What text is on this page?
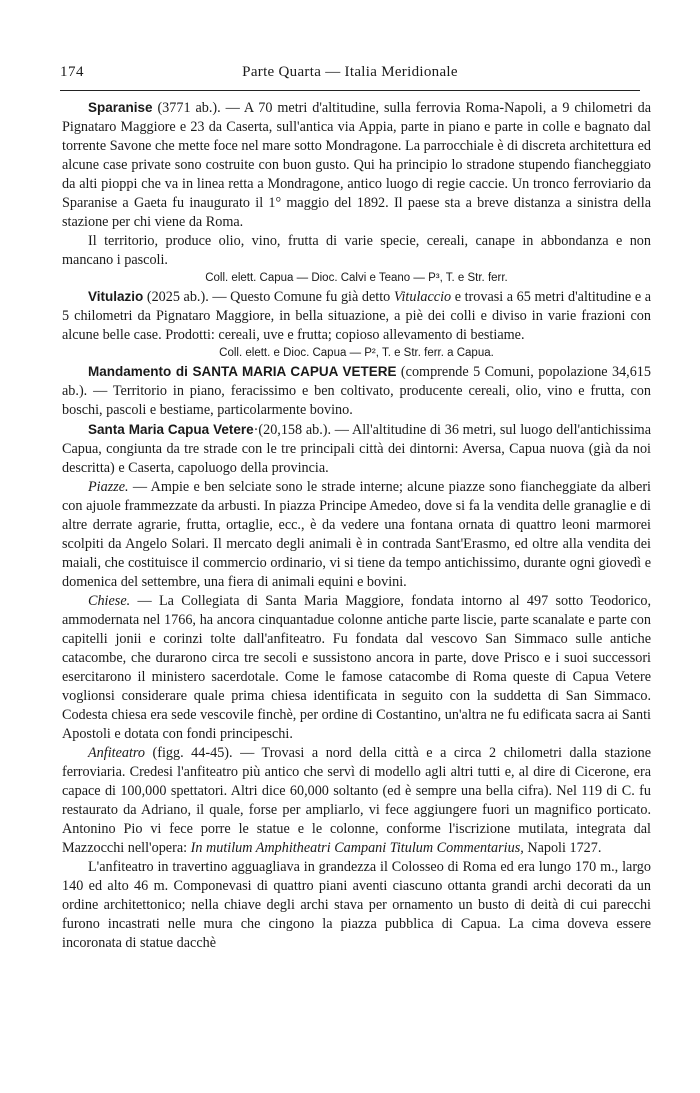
174	Parte Quarta — Italia Meridionale

Sparanise (3771 ab.). — A 70 metri d'altitudine, sulla ferrovia Roma-Napoli, a 9 chilometri da Pignataro Maggiore e 23 da Caserta, sull'antica via Appia, parte in piano e parte in colle e bagnato dal torrente Savone che mette foce nel mare sotto Mondragone. La parrocchiale è di discreta architettura ed alcune case private sono costruite con buon gusto. Qui ha principio lo stradone stupendo fiancheggiato da alti pioppi che va in linea retta a Mondragone, antico luogo di regie caccie. Un tronco ferroviario da Sparanise a Gaeta fu inaugurato il 1° maggio del 1892. Il paese sta a breve distanza a sinistra della stazione per chi viene da Roma.

Il territorio, produce olio, vino, frutta di varie specie, cereali, canape in abbondanza e non mancano i pascoli.

Coll. elett. Capua — Dioc. Calvi e Teano — P³, T. e Str. ferr.

Vitulazio (2025 ab.). — Questo Comune fu già detto Vitulaccio e trovasi a 65 metri d'altitudine e a 5 chilometri da Pignataro Maggiore, in bella situazione, a piè dei colli e diviso in varie frazioni con alcune belle case. Prodotti: cereali, uve e frutta; copioso allevamento di bestiame.

Coll. elett. e Dioc. Capua — P², T. e Str. ferr. a Capua.

Mandamento di SANTA MARIA CAPUA VETERE (comprende 5 Comuni, popolazione 34,615 ab.). — Territorio in piano, feracissimo e ben coltivato, producente cereali, olio, vino e frutta, con boschi, pascoli e bestiame, particolarmente bovino.

Santa Maria Capua Vetere·(20,158 ab.). — All'altitudine di 36 metri, sul luogo dell'antichissima Capua, congiunta da tre strade con le tre principali città dei dintorni: Aversa, Capua nuova (già da noi descritta) e Caserta, capoluogo della provincia.

Piazze. — Ampie e ben selciate sono le strade interne; alcune piazze sono fiancheggiate da alberi con ajuole frammezzate da arbusti. In piazza Principe Amedeo, dove si fa la vendita delle granaglie e di altre derrate agrarie, frutta, ortaglie, ecc., è da vedere una fontana ornata di quattro leoni marmorei scolpiti da Angelo Solari. Il mercato degli animali è in contrada Sant'Erasmo, ed oltre alla vendita dei maiali, che costituisce il commercio ordinario, vi si tiene da tempo antichissimo, durante ogni giovedì e domenica del settembre, una fiera di animali equini e bovini.

Chiese. — La Collegiata di Santa Maria Maggiore, fondata intorno al 497 sotto Teodorico, ammodernata nel 1766, ha ancora cinquantadue colonne antiche parte liscie, parte scanalate e parte con capitelli jonii e corinzi tolte dall'anfiteatro. Fu fondata dal vescovo San Simmaco sulle antiche catacombe, che durarono circa tre secoli e sussistono ancora in parte, dove Prisco e i suoi successori esercitarono il ministero sacerdotale. Come le famose catacombe di Roma queste di Capua Vetere voglionsi considerare quale prima chiesa identificata in seguito con la suddetta di San Simmaco. Codesta chiesa era sede vescovile finchè, per ordine di Costantino, un'altra ne fu edificata sacra ai Santi Apostoli e dotata con fondi principeschi.

Anfiteatro (figg. 44-45). — Trovasi a nord della città e a circa 2 chilometri dalla stazione ferroviaria. Credesi l'anfiteatro più antico che servì di modello agli altri tutti e, al dire di Cicerone, era capace di 100,000 spettatori. Altri dice 60,000 soltanto (ed è sempre una bella cifra). Nel 119 di C. fu restaurato da Adriano, il quale, forse per ampliarlo, vi fece aggiungere fuori un magnifico porticato. Antonino Pio vi fece porre le statue e le colonne, conforme l'iscrizione mutilata, integrata dal Mazzocchi nell'opera: In mutilum Amphitheatri Campani Titulum Commentarius, Napoli 1727.

L'anfiteatro in travertino agguagliava in grandezza il Colosseo di Roma ed era lungo 170 m., largo 140 ed alto 46 m. Componevasi di quattro piani aventi ciascuno ottanta grandi archi decorati da un ordine architettonico; nella chiave degli archi stava per ornamento un busto di deità di cui parecchi furono incastrati nelle mura che cingono la piazza pubblica di Capua. La cima doveva essere incoronata di statue dacchè
